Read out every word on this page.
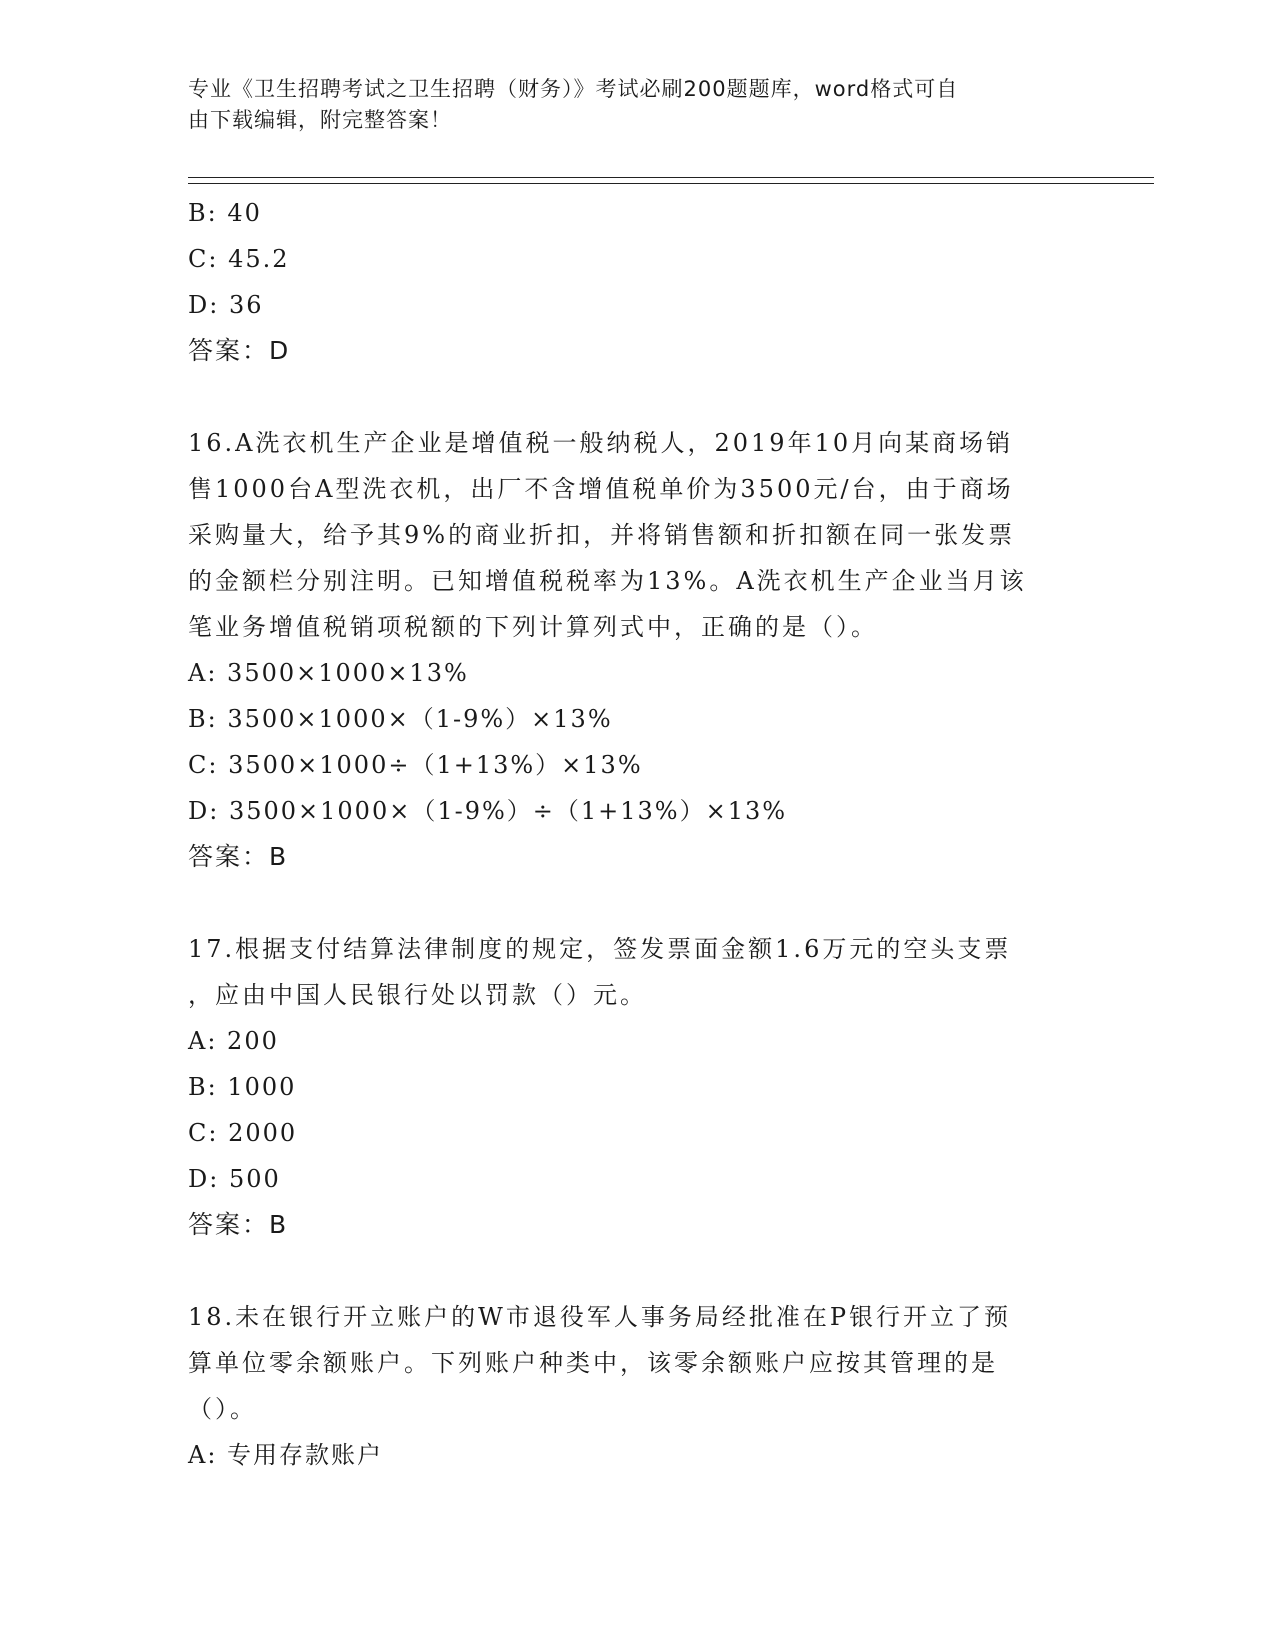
专业《卫生招聘考试之卫生招聘（财务）》考试必刷200题题库，word格式可自
由下载编辑，附完整答案！
B: 40
C: 45.2
D: 36
答案：D
16.A洗衣机生产企业是增值税一般纳税人，2019年10月向某商场销
售1000台A型洗衣机，出厂不含增值税单价为3500元/台，由于商场
采购量大，给予其9%的商业折扣，并将销售额和折扣额在同一张发票
的金额栏分别注明。已知增值税税率为13%。A洗衣机生产企业当月该
笔业务增值税销项税额的下列计算列式中，正确的是（）。
A: 3500×1000×13%
B: 3500×1000×（1-9%）×13%
C: 3500×1000÷（1+13%）×13%
D: 3500×1000×（1-9%）÷（1+13%）×13%
答案：B
17.根据支付结算法律制度的规定，签发票面金额1.6万元的空头支票
，应由中国人民银行处以罚款（）元。
A: 200
B: 1000
C: 2000
D: 500
答案：B
18.未在银行开立账户的W市退役军人事务局经批准在P银行开立了预
算单位零余额账户。下列账户种类中，该零余额账户应按其管理的是
（）。
A: 专用存款账户
